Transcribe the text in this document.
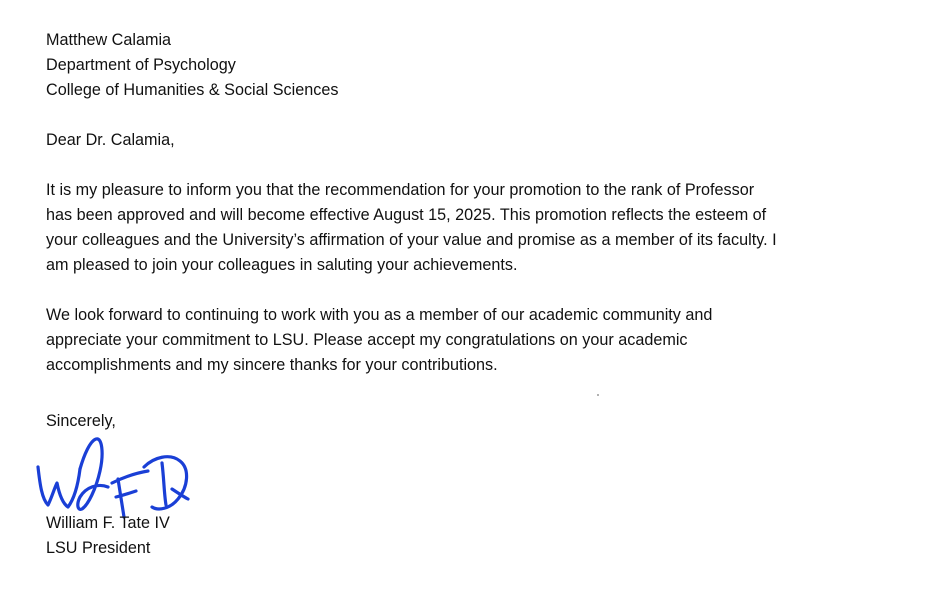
Matthew Calamia
Department of Psychology
College of Humanities & Social Sciences
Dear Dr. Calamia,
It is my pleasure to inform you that the recommendation for your promotion to the rank of Professor
has been approved and will become effective August 15, 2025. This promotion reflects the esteem of
your colleagues and the University’s affirmation of your value and promise as a member of its faculty. I
am pleased to join your colleagues in saluting your achievements.
We look forward to continuing to work with you as a member of our academic community and
appreciate your commitment to LSU. Please accept my congratulations on your academic
accomplishments and my sincere thanks for your contributions.
Sincerely,
William F. Tate IV
LSU President
